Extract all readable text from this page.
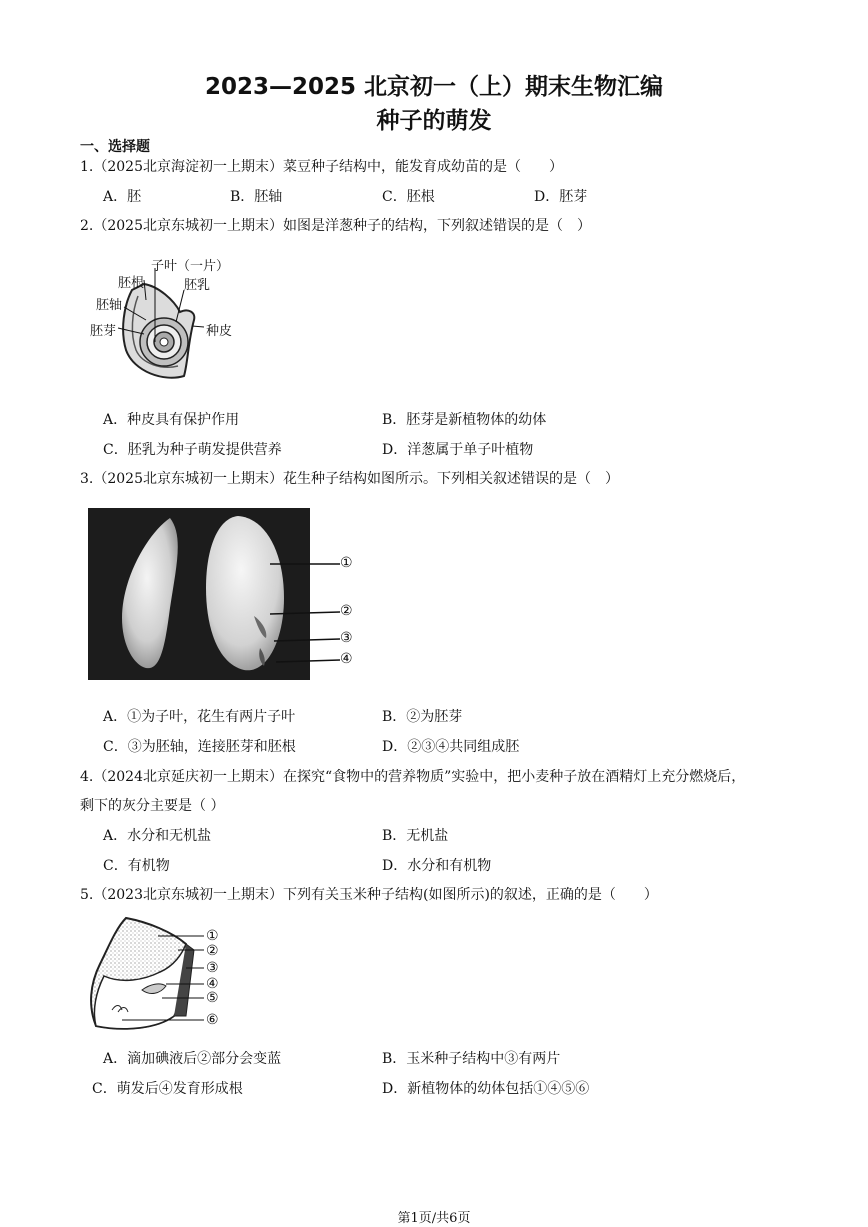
2023—2025 北京初一（上）期末生物汇编
种子的萌发
一、选择题
1.（2025北京海淀初一上期末）菜豆种子结构中，能发育成幼苗的是（　　）
A．胚	B．胚轴	C．胚根	D．胚芽
2.（2025北京东城初一上期末）如图是洋葱种子的结构，下列叙述错误的是（　）
子叶（一片）
胚根	胚乳
胚轴
胚芽	种皮
A．种皮具有保护作用	B．胚芽是新植物体的幼体
C．胚乳为种子萌发提供营养	D．洋葱属于单子叶植物
3.（2025北京东城初一上期末）花生种子结构如图所示。下列相关叙述错误的是（　）
①
②
③
④
A．①为子叶，花生有两片子叶	B．②为胚芽
C．③为胚轴，连接胚芽和胚根	D．②③④共同组成胚
4.（2024北京延庆初一上期末）在探究“食物中的营养物质”实验中，把小麦种子放在酒精灯上充分燃烧后，
剩下的灰分主要是（ ）
A．水分和无机盐	B．无机盐
C．有机物	D．水分和有机物
5.（2023北京东城初一上期末）下列有关玉米种子结构(如图所示)的叙述，正确的是（　　）
①
②
③
④
⑤
⑥
A．滴加碘液后②部分会变蓝	B．玉米种子结构中③有两片
C．萌发后④发育形成根	D．新植物体的幼体包括①④⑤⑥
第1页/共6页
